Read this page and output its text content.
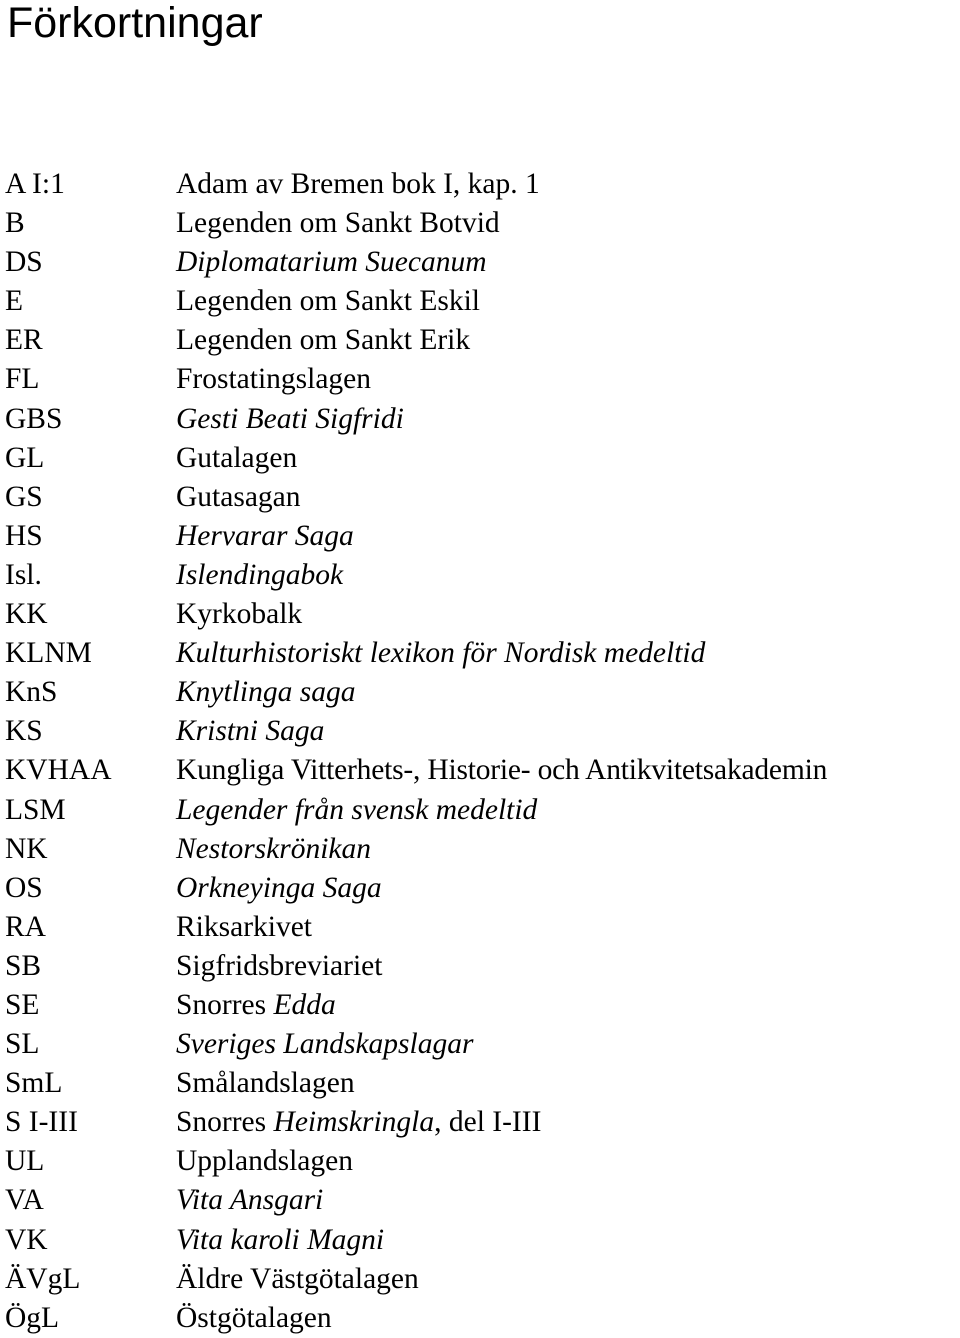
Förkortningar
A I:1	Adam av Bremen bok I, kap. 1
B	Legenden om Sankt Botvid
DS	Diplomatarium Suecanum
E	Legenden om Sankt Eskil
ER	Legenden om Sankt Erik
FL	Frostatingslagen
GBS	Gesti Beati Sigfridi
GL	Gutalagen
GS	Gutasagan
HS	Hervarar Saga
Isl.	Islendingabok
KK	Kyrkobalk
KLNM	Kulturhistoriskt lexikon för Nordisk medeltid
KnS	Knytlinga saga
KS	Kristni Saga
KVHAA Kungliga Vitterhets-, Historie- och Antikvitetsakademin
LSM	Legender från svensk medeltid
NK	Nestorskrönikan
OS	Orkneyinga Saga
RA	Riksarkivet
SB	Sigfridsbreviariet
SE	Snorres Edda
SL	Sveriges Landskapslagar
SmL	Smålandslagen
S I-III	Snorres Heimskringla, del I-III
UL	Upplandslagen
VA	Vita Ansgari
VK	Vita karoli Magni
ÄVgL	Äldre Västgötalagen
ÖgL	Östgötalagen
